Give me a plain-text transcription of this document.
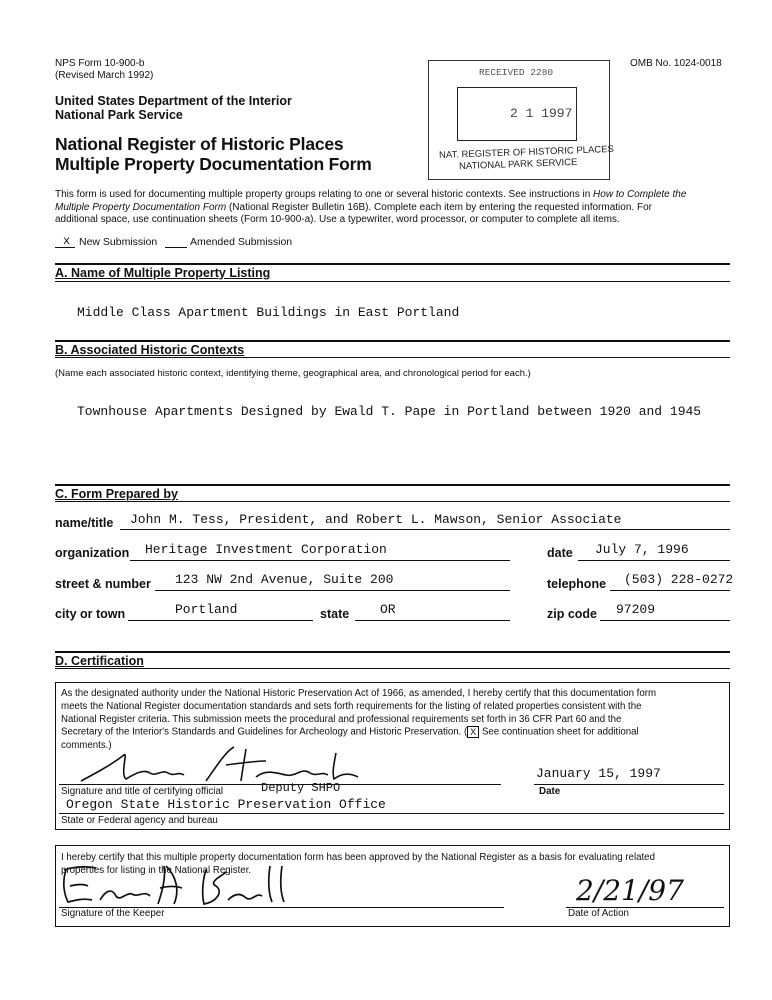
NPS Form 10-900-b
(Revised March 1992)
OMB No. 1024-0018
United States Department of the Interior
National Park Service
National Register of Historic Places
Multiple Property Documentation Form
RECEIVED 2280
2 1 1997
NAT. REGISTER OF HISTORIC PLACES
NATIONAL PARK SERVICE
This form is used for documenting multiple property groups relating to one or several historic contexts. See instructions in How to Complete the
Multiple Property Documentation Form (National Register Bulletin 16B). Complete each item by entering the requested information. For
additional space, use continuation sheets (Form 10-900-a). Use a typewriter, word processor, or computer to complete all items.
x New Submission	Amended Submission
A. Name of Multiple Property Listing
Middle Class Apartment Buildings in East Portland
B. Associated Historic Contexts
(Name each associated historic context, identifying theme, geographical area, and chronological period for each.)
Townhouse Apartments Designed by Ewald T. Pape in Portland between 1920 and 1945
C. Form Prepared by
name/title John M. Tess, President, and Robert L. Mawson, Senior Associate
organization Heritage Investment Corporation	date July 7, 1996
street & number 123 NW 2nd Avenue, Suite 200	telephone (503) 228-0272
city or town	Portland	state OR	zip code 97209
D. Certification
As the designated authority under the National Historic Preservation Act of 1966, as amended, I hereby certify that this documentation form
meets the National Register documentation standards and sets forth requirements for the listing of related properties consistent with the
National Register criteria. This submission meets the procedural and professional requirements set forth in 36 CFR Part 60 and the
Secretary of the Interior's Standards and Guidelines for Archeology and Historic Preservation. ( X See continuation sheet for additional
comments.)
January 15, 1997
Signature and title of certifying official	Deputy SHPO	Date
Oregon State Historic Preservation Office
State or Federal agency and bureau
I hereby certify that this multiple property documentation form has been approved by the National Register as a basis for evaluating related
properties for listing in the National Register.
2/21/97
Signature of the Keeper	Date of Action
